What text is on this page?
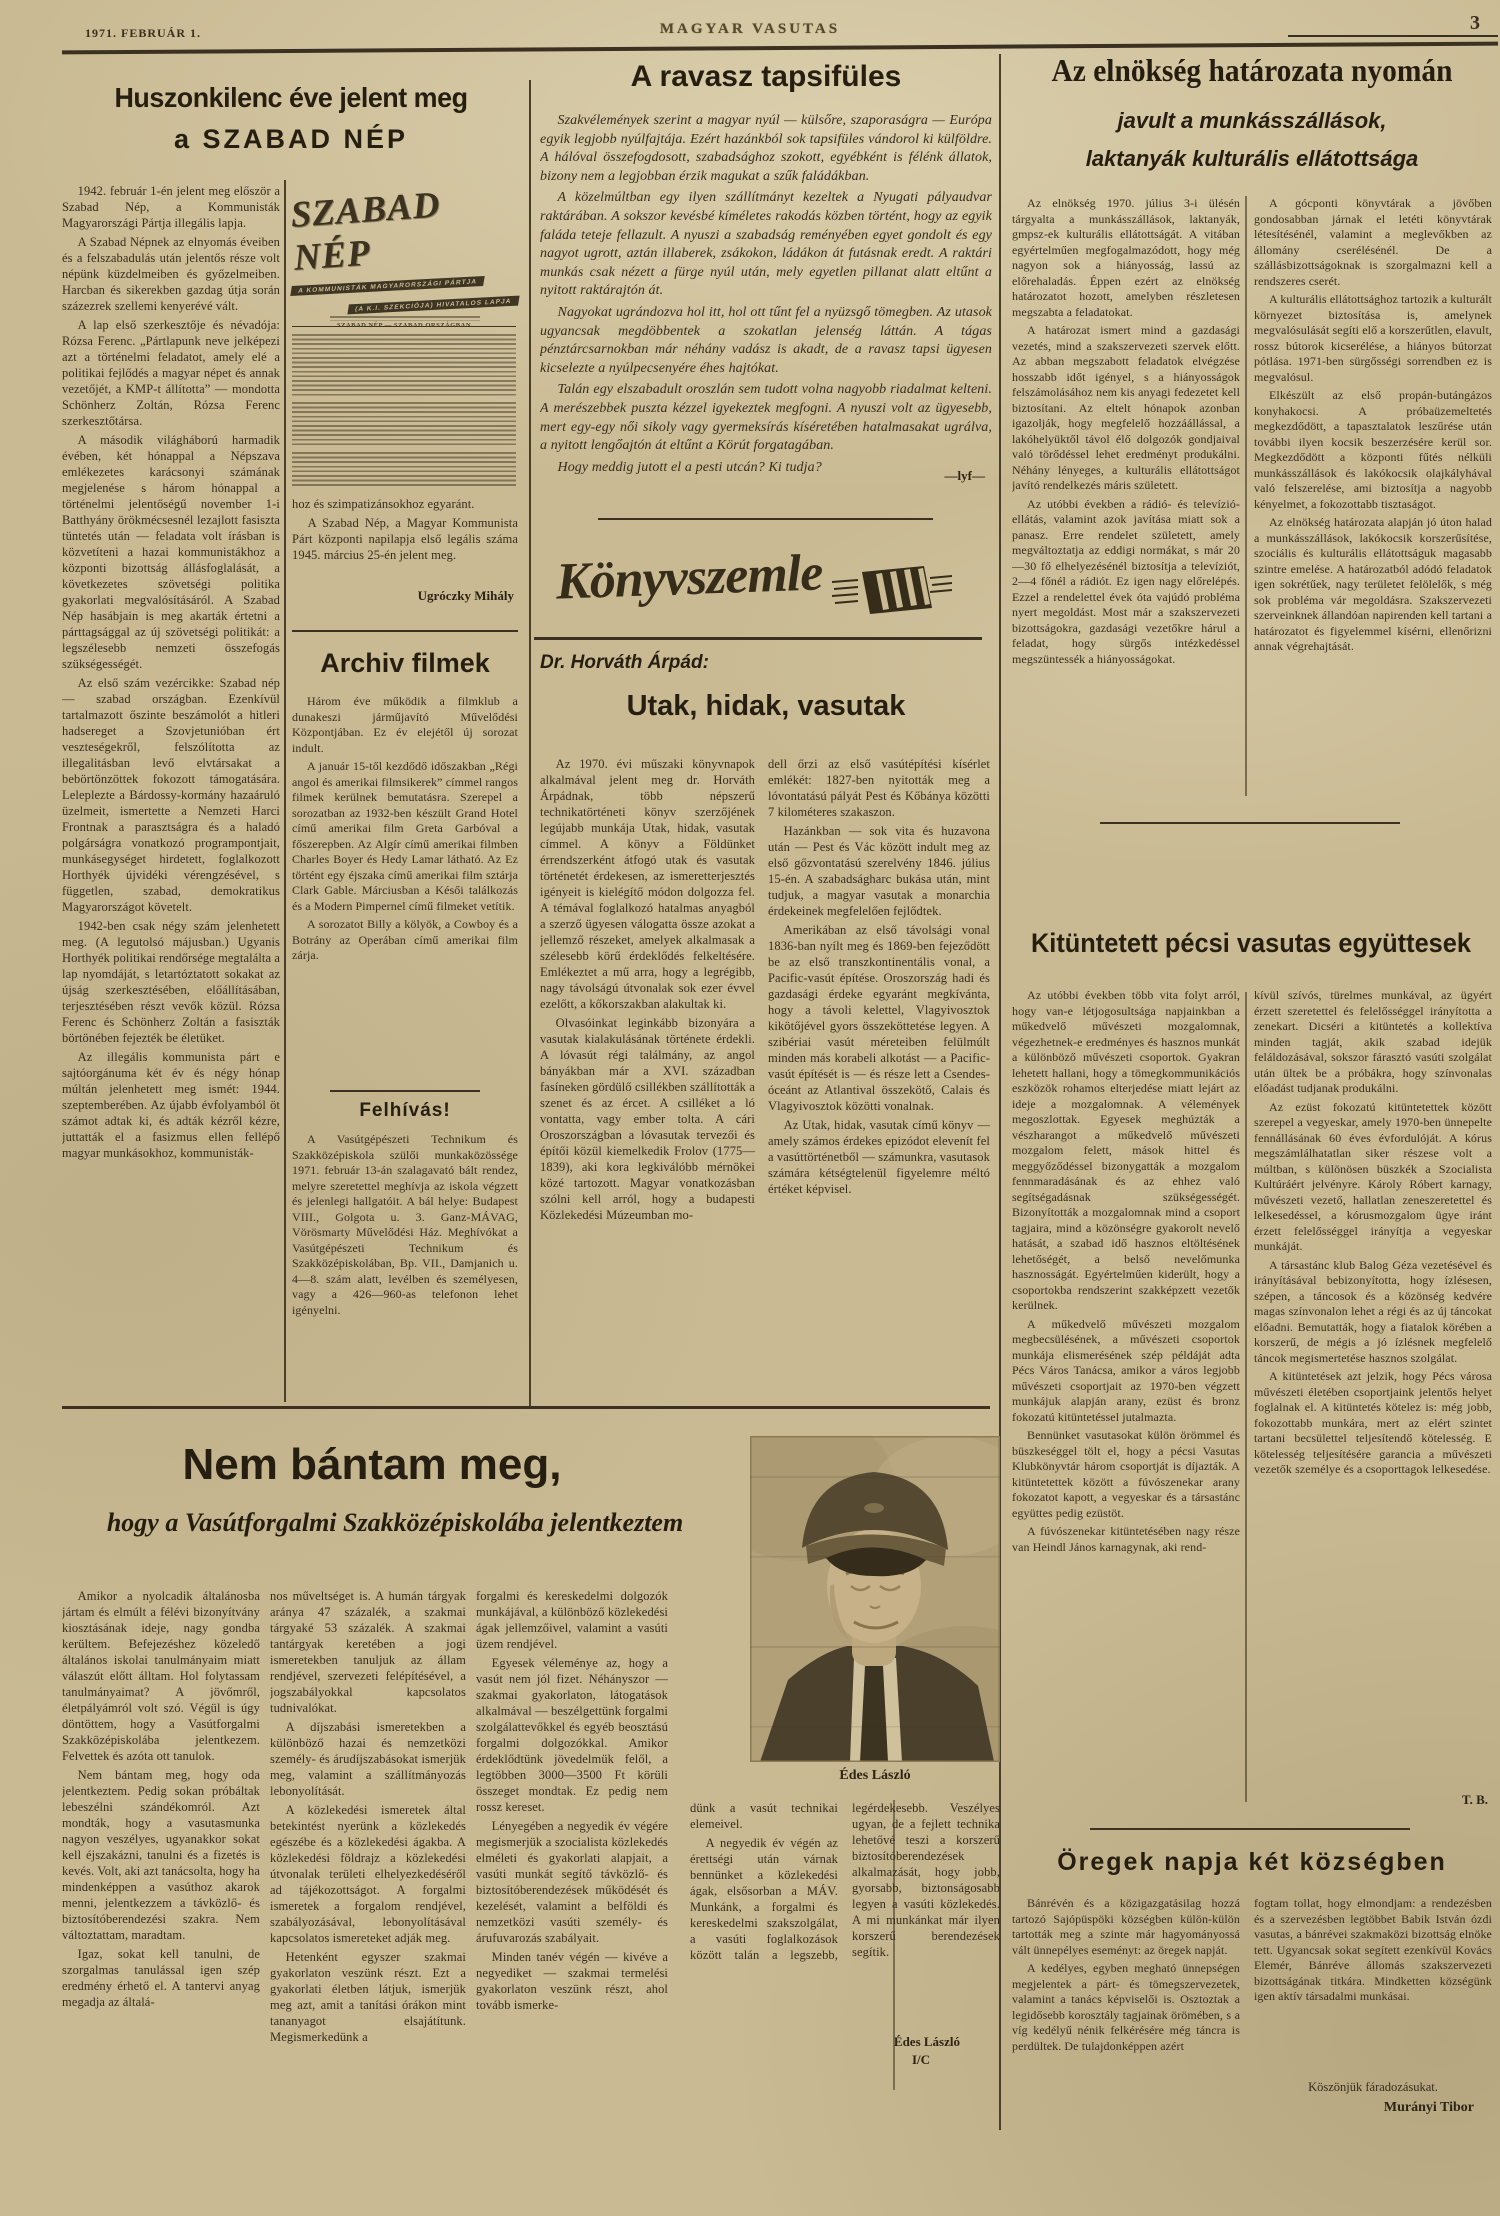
1971. FEBRUÁR 1.	MAGYAR VASUTAS	3
Huszonkilenc éve jelent meg
a SZABAD NÉP

1942. február 1-én jelent meg először a Szabad Nép, a Kommunisták Magyarországi Pártja illegális lapja.

A Szabad Népnek az elnyomás éveiben és a felszabadulás után jelentős része volt népünk küzdelmeiben és győzelmeiben. Harcban és sikerekben gazdag útja során százezrek szellemi kenyerévé vált.

A lap első szerkesztője és névadója: Rózsa Ferenc. „Pártlapunk neve jelképezi azt a történelmi feladatot, amely elé a politikai fejlődés a magyar népet és annak vezetőjét, a KMP-t állította” — mondotta Schönherz Zoltán, Rózsa Ferenc szerkesztőtársa.

A második világháború harmadik évében, két hónappal a Népszava emlékezetes karácsonyi számának megjelenése s három hónappal a történelmi jelentőségű november 1-i Batthyány örökmécsesnél lezajlott fasiszta tüntetés után — feladata volt írásban is közvetíteni a hazai kommunistákhoz a központi bizottság állásfoglalását, a következetes szövetségi politika gyakorlati megvalósításáról. A Szabad Nép hasábjain is meg akarták értetni a párttagsággal az új szövetségi politikát: a legszélesebb nemzeti összefogás szükségességét.

Az első szám vezércikke: Szabad nép — szabad országban. Ezenkívül tartalmazott őszinte beszámolót a hitleri hadsereget a Szovjetunióban ért veszteségekről, felszólította az illegalitásban levő elvtársakat a bebörtönzöttek fokozott támogatására. Leleplezte a Bárdossy-kormány hazaáruló üzelmeit, ismertette a Nemzeti Harci Frontnak a parasztságra és a haladó polgárságra vonatkozó programpontjait, munkásegységet hirdetett, foglalkozott Horthyék újvidéki vérengzésével, s független, szabad, demokratikus Magyarországot követelt.

1942-ben csak négy szám jelenhetett meg. (A legutolsó májusban.) Ugyanis Horthyék politikai rendőrsége megtalálta a lap nyomdáját, s letartóztatott sokakat az újság szerkesztésében, előállításában, terjesztésében részt vevők közül. Rózsa Ferenc és Schönherz Zoltán a fasiszták börtönében fejezték be életüket.

Az illegális kommunista párt e sajtóorgánuma két év és négy hónap múltán jelenhetett meg ismét: 1944. szeptemberében. Az újabb évfolyamból öt számot adtak ki, és adták kézről kézre, juttatták el a fasizmus ellen fellépő magyar munkásokhoz, kommunisták-

SZABAD NÉP
A KOMMUNISTÁK MAGYARORSZÁGI PÁRTJA
(A K.I. SZEKCIÓJA) HIVATALOS LAPJA
SZABAD NÉP — SZABAD ORSZÁGBAN

hoz és szimpatizánsokhoz egyaránt.

A Szabad Nép, a Magyar Kommunista Párt központi napilapja első legális száma 1945. március 25-én jelent meg.

Ugróczky Mihály
Archiv filmek

Három éve működik a filmklub a dunakeszi járműjavító Művelődési Központjában. Ez év elejétől új sorozat indult.

A január 15-től kezdődő időszakban „Régi angol és amerikai filmsikerek” címmel rangos filmek kerülnek bemutatásra. Szerepel a sorozatban az 1932-ben készült Grand Hotel című amerikai film Greta Garbóval a főszerepben. Az Algír című amerikai filmben Charles Boyer és Hedy Lamar látható. Az Ez történt egy éjszaka című amerikai film sztárja Clark Gable. Márciusban a Késői találkozás és a Modern Pimpernel című filmeket vetítik.

A sorozatot Billy a kölyök, a Cowboy és a Botrány az Operában című amerikai film zárja.

Felhívás!

A Vasútgépészeti Technikum és Szakközépiskola szülői munkaközössége 1971. február 13-án szalagavató bált rendez, melyre szeretettel meghívja az iskola végzett és jelenlegi hallgatóit. A bál helye: Budapest VIII., Golgota u. 3. Ganz-MÁVAG, Vörösmarty Művelődési Ház. Meghívókat a Vasútgépészeti Technikum és Szakközépiskolában, Bp. VII., Damjanich u. 4—8. szám alatt, levélben és személyesen, vagy a 426—960-as telefonon lehet igényelni.

A ravasz tapsifüles

Szakvélemények szerint a magyar nyúl — külsőre, szaporaságra — Európa egyik legjobb nyúlfajtája. Ezért hazánkból sok tapsifüles vándorol ki külföldre. A hálóval összefogdosott, szabadsághoz szokott, egyébként is félénk állatok, bizony nem a legjobban érzik magukat a szűk faládákban.

A közelmúltban egy ilyen szállítmányt kezeltek a Nyugati pályaudvar raktárában. A sokszor kevésbé kíméletes rakodás közben történt, hogy az egyik faláda teteje fellazult. A nyuszi a szabadság reményében egyet gondolt és egy nagyot ugrott, aztán illaberek, zsákokon, ládákon át futásnak eredt. A raktári munkás csak nézett a fürge nyúl után, mely egyetlen pillanat alatt eltűnt a nyitott raktárajtón át.

Nagyokat ugrándozva hol itt, hol ott tűnt fel a nyüzsgő tömegben. Az utasok ugyancsak megdöbbentek a szokatlan jelenség láttán. A tágas pénztárcsarnokban már néhány vadász is akadt, de a ravasz tapsi ügyesen kicselezte a nyúlpecsenyére éhes hajtókat.

Talán egy elszabadult oroszlán sem tudott volna nagyobb riadalmat kelteni. A merészebbek puszta kézzel igyekeztek megfogni. A nyuszi volt az ügyesebb, mert egy-egy női sikoly vagy gyermeksírás kíséretében hatalmasakat ugrálva, a nyitott lengőajtón át eltűnt a Körút forgatagában.

Hogy meddig jutott el a pesti utcán? Ki tudja?

—lyf—
Könyvszemle
Dr. Horváth Árpád:
Utak, hidak, vasutak

Az 1970. évi műszaki könyvnapok alkalmával jelent meg dr. Horváth Árpádnak, több népszerű technikatörténeti könyv szerzőjének legújabb munkája Utak, hidak, vasutak címmel. A könyv a Földünket érrendszerként átfogó utak és vasutak történetét érdekesen, az ismeretterjesztés igényeit is kielégítő módon dolgozza fel. A témával foglalkozó hatalmas anyagból a szerző ügyesen válogatta össze azokat a jellemző részeket, amelyek alkalmasak a szélesebb körű érdeklődés felkeltésére. Emlékeztet a mű arra, hogy a legrégibb, nagy távolságú útvonalak sok ezer évvel ezelőtt, a kőkorszakban alakultak ki.

Olvasóinkat leginkább bizonyára a vasutak kialakulásának története érdekli. A lóvasút régi találmány, az angol bányákban már a XVI. században fasíneken gördülő csillékben szállították a szenet és az ércet. A csilléket a ló vontatta, vagy ember tolta. A cári Oroszországban a lóvasutak tervezői és építői közül kiemelkedik Frolov (1775—1839), aki kora legkiválóbb mérnökei közé tartozott. Magyar vonatkozásban szólni kell arról, hogy a budapesti Közlekedési Múzeumban mo-

dell őrzi az első vasútépítési kísérlet emlékét: 1827-ben nyitották meg a lóvontatású pályát Pest és Kőbánya közötti 7 kilométeres szakaszon.

Hazánkban — sok vita és huzavona után — Pest és Vác között indult meg az első gőzvontatású szerelvény 1846. július 15-én. A szabadságharc bukása után, mint tudjuk, a magyar vasutak a monarchia érdekeinek megfelelően fejlődtek.

Amerikában az első távolsági vonal 1836-ban nyílt meg és 1869-ben fejeződött be az első transzkontinentális vonal, a Pacific-vasút építése. Oroszország hadi és gazdasági érdeke egyaránt megkívánta, hogy a távoli kelettel, Vlagyivosztok kikötőjével gyors összeköttetése legyen. A szibériai vasút méreteiben felülmúlt minden más korabeli alkotást — a Pacific-vasút építését is — és része lett a Csendes-óceánt az Atlantival összekötő, Calais és Vlagyivosztok közötti vonalnak.

Az Utak, hidak, vasutak című könyv — amely számos érdekes epizódot elevenít fel a vasúttörténetből — számunkra, vasutasok számára kétségtelenül figyelemre méltó értéket képvisel.

Az elnökség határozata nyomán
javult a munkásszállások,
laktanyák kulturális ellátottsága

Az elnökség 1970. július 3-i ülésén tárgyalta a munkásszállások, laktanyák, gmpsz-ek kulturális ellátottságát. A vitában egyértelműen megfogalmazódott, hogy még nagyon sok a hiányosság, lassú az előrehaladás. Éppen ezért az elnökség határozatot hozott, amelyben részletesen megszabta a feladatokat.

A határozat ismert mind a gazdasági vezetés, mind a szakszervezeti szervek előtt. Az abban megszabott feladatok elvégzése hosszabb időt igényel, s a hiányosságok felszámolásához nem kis anyagi fedezetet kell biztosítani. Az eltelt hónapok azonban igazolják, hogy megfelelő hozzáállással, a lakóhelyüktől távol élő dolgozók gondjaival való törődéssel lehet eredményt produkálni. Néhány lényeges, a kulturális ellátottságot javító rendelkezés máris született.

Az utóbbi években a rádió- és televízió-ellátás, valamint azok javítása miatt sok a panasz. Erre rendelet született, amely megváltoztatja az eddigi normákat, s már 20—30 fő elhelyezésénél biztosítja a televíziót, 2—4 főnél a rádiót. Ez igen nagy előrelépés. Ezzel a rendelettel évek óta vajúdó probléma nyert megoldást. Most már a szakszervezeti bizottságokra, gazdasági vezetőkre hárul a feladat, hogy sürgős intézkedéssel megszüntessék a hiányosságokat.

A gócponti könyvtárak a jövőben gondosabban járnak el letéti könyvtárak létesítésénél, valamint a meglevőkben az állomány cserélésénél. De a szállásbizottságoknak is szorgalmazni kell a rendszeres cserét.

A kulturális ellátottsághoz tartozik a kulturált környezet biztosítása is, amelynek megvalósulását segíti elő a korszerűtlen, elavult, rossz bútorok kicserélése, a hiányos bútorzat pótlása. 1971-ben sürgősségi sorrendben ez is megvalósul.

Elkészült az első propán-butángázos konyhakocsi. A próbaüzemeltetés megkezdődött, a tapasztalatok leszűrése után további ilyen kocsik beszerzésére kerül sor. Megkezdődött a központi fűtés nélküli munkásszállások és lakókocsik olajkályhával való felszerelése, ami biztosítja a nagyobb kényelmet, a fokozottabb tisztaságot.

Az elnökség határozata alapján jó úton halad a munkásszállások, lakókocsik korszerűsítése, szociális és kulturális ellátottságuk magasabb szintre emelése. A határozatból adódó feladatok igen sokrétűek, nagy területet felölelők, s még sok probléma vár megoldásra. Szakszervezeti szerveinknek állandóan napirenden kell tartani a határozatot és figyelemmel kísérni, ellenőrizni annak végrehajtását.

Kitüntetett pécsi vasutas együttesek

Az utóbbi években több vita folyt arról, hogy van-e létjogosultsága napjainkban a műkedvelő művészeti mozgalomnak, végezhetnek-e eredményes és hasznos munkát a különböző művészeti csoportok. Gyakran lehetett hallani, hogy a tömegkommunikációs eszközök rohamos elterjedése miatt lejárt az ideje a mozgalomnak. A vélemények megoszlottak. Egyesek meghúzták a vészharangot a műkedvelő művészeti mozgalom felett, mások hittel és meggyőződéssel bizonygatták a mozgalom fennmaradásának és az ehhez való segítségadásnak szükségességét. Bizonyították a mozgalomnak mind a csoport tagjaira, mind a közönségre gyakorolt nevelő hatását, a szabad idő hasznos eltöltésének lehetőségét, a belső nevelőmunka hasznosságát. Egyértelműen kiderült, hogy a csoportokba rendszerint szakképzett vezetők kerülnek.

A műkedvelő művészeti mozgalom megbecsülésének, a művészeti csoportok munkája elismerésének szép példáját adta Pécs Város Tanácsa, amikor a város legjobb művészeti csoportjait az 1970-ben végzett munkájuk alapján arany, ezüst és bronz fokozatú kitüntetéssel jutalmazta.

Bennünket vasutasokat külön örömmel és büszkeséggel tölt el, hogy a pécsi Vasutas Klubkönyvtár három csoportját is díjazták. A kitüntetettek között a fúvószenekar arany fokozatot kapott, a vegyeskar és a társastánc együttes pedig ezüstöt.

A fúvószenekar kitüntetésében nagy része van Heindl János karnagynak, aki rend-

kívül szívós, türelmes munkával, az ügyért érzett szeretettel és felelősséggel irányította a zenekart. Dicséri a kitüntetés a kollektíva minden tagját, akik szabad idejük feláldozásával, sokszor fárasztó vasúti szolgálat után ültek be a próbákra, hogy színvonalas előadást tudjanak produkálni.

Az ezüst fokozatú kitüntetettek között szerepel a vegyeskar, amely 1970-ben ünnepelte fennállásának 60 éves évfordulóját. A kórus megszámlálhatatlan siker részese volt a múltban, s különösen büszkék a Szocialista Kultúráért jelvényre. Károly Róbert karnagy, művészeti vezető, hallatlan zeneszeretettel és lelkesedéssel, a kórusmozgalom ügye iránt érzett felelősséggel irányítja a vegyeskar munkáját.

A társastánc klub Balog Géza vezetésével és irányításával bebizonyította, hogy ízlésesen, szépen, a táncosok és a közönség kedvére magas színvonalon lehet a régi és az új táncokat előadni. Bemutatták, hogy a fiatalok körében a korszerű, de mégis a jó ízlésnek megfelelő táncok megismertetése hasznos szolgálat.

A kitüntetések azt jelzik, hogy Pécs városa művészeti életében csoportjaink jelentős helyet foglalnak el. A kitüntetés kötelez is: még jobb, fokozottabb munkára, mert az elért szintet tartani becsülettel teljesítendő kötelesség. E kötelesség teljesítésére garancia a művészeti vezetők személye és a csoporttagok lelkesedése.

T. B.
Öregek napja két községben

Bánrévén és a közigazgatásilag hozzá tartozó Sajópüspöki községben külön-külön tartották meg a szinte már hagyományossá vált ünnepélyes eseményt: az öregek napját.

A kedélyes, egyben megható ünnepségen megjelentek a párt- és tömegszervezetek, valamint a tanács képviselői is. Osztoztak a legidősebb korosztály tagjainak örömében, s a víg kedélyű nénik felkérésére még táncra is perdültek. De tulajdonképpen azért

fogtam tollat, hogy elmondjam: a rendezésben és a szervezésben legtöbbet Babik István ózdi vasutas, a bánrévei szakmaközi bizottság elnöke tett. Ugyancsak sokat segített ezenkívül Kovács Elemér, Bánréve állomás szakszervezeti bizottságának titkára. Mindketten községünk igen aktív társadalmi munkásai.

Köszönjük fáradozásukat.
Murányi Tibor
Nem bántam meg,
hogy a Vasútforgalmi Szakközépiskolába jelentkeztem
Édes László

Amikor a nyolcadik általánosba jártam és elmúlt a félévi bizonyítvány kiosztásának ideje, nagy gondba kerültem. Befejezéshez közeledő általános iskolai tanulmányaim miatt válaszút előtt álltam. Hol folytassam tanulmányaimat? A jövőmről, életpályámról volt szó. Végül is úgy döntöttem, hogy a Vasútforgalmi Szakközépiskolába jelentkezem. Felvettek és azóta ott tanulok.

Nem bántam meg, hogy oda jelentkeztem. Pedig sokan próbáltak lebeszélni szándékomról. Azt mondták, hogy a vasutasmunka nagyon veszélyes, ugyanakkor sokat kell éjszakázni, tanulni és a fizetés is kevés. Volt, aki azt tanácsolta, hogy ha mindenképpen a vasúthoz akarok menni, jelentkezzem a távközlő- és biztosítóberendezési szakra. Nem változtattam, maradtam.

Igaz, sokat kell tanulni, de szorgalmas tanulással igen szép eredmény érhető el. A tantervi anyag megadja az általá-

nos műveltséget is. A humán tárgyak aránya 47 százalék, a szakmai tárgyaké 53 százalék. A szakmai tantárgyak keretében a jogi ismeretekben tanuljuk az állam rendjével, szervezeti felépítésével, a jogszabályokkal kapcsolatos tudnivalókat.

A díjszabási ismeretekben a különböző hazai és nemzetközi személy- és árudíjszabásokat ismerjük meg, valamint a szállítmányozás lebonyolítását.

A közlekedési ismeretek által betekintést nyerünk a közlekedés egészébe és a közlekedési ágakba. A közlekedési földrajz a közlekedési útvonalak területi elhelyezkedéséről ad tájékozottságot. A forgalmi ismeretek a forgalom rendjével, szabályozásával, lebonyolításával kapcsolatos ismereteket adják meg.

Hetenként egyszer szakmai gyakorlaton veszünk részt. Ezt a gyakorlati életben látjuk, ismerjük meg azt, amit a tanítási órákon mint tananyagot elsajátítunk. Megismerkedünk a

forgalmi és kereskedelmi dolgozók munkájával, a különböző közlekedési ágak jellemzőivel, valamint a vasúti üzem rendjével.

Egyesek véleménye az, hogy a vasút nem jól fizet. Néhányszor — szakmai gyakorlaton, látogatások alkalmával — beszélgettünk forgalmi szolgálattevőkkel és egyéb beosztású forgalmi dolgozókkal. Amikor érdeklődtünk jövedelmük felől, a legtöbben 3000—3500 Ft körüli összeget mondtak. Ez pedig nem rossz kereset.

Lényegében a negyedik év végére megismerjük a szocialista közlekedés elméleti és gyakorlati alapjait, a vasúti munkát segítő távközlő- és biztosítóberendezések működését és kezelését, valamint a belföldi és nemzetközi vasúti személy- és árufuvarozás szabályait.

Minden tanév végén — kivéve a negyediket — szakmai termelési gyakorlaton veszünk részt, ahol tovább ismerke-

dünk a vasút technikai elemeivel.

A negyedik év végén az érettségi után várnak bennünket a közlekedési ágak, elsősorban a MÁV. Munkánk, a forgalmi és kereskedelmi szakszolgálat, a vasúti foglalkozások között talán a legszebb, legérdekesebb. Veszélyes ugyan, de a fejlett technika lehetővé teszi a korszerű biztosítóberendezések alkalmazását, hogy jobb, gyorsabb, biztonságosabb legyen a vasúti közlekedés. A mi munkánkat már ilyen korszerű berendezések segítik.

Édes László
I/C
